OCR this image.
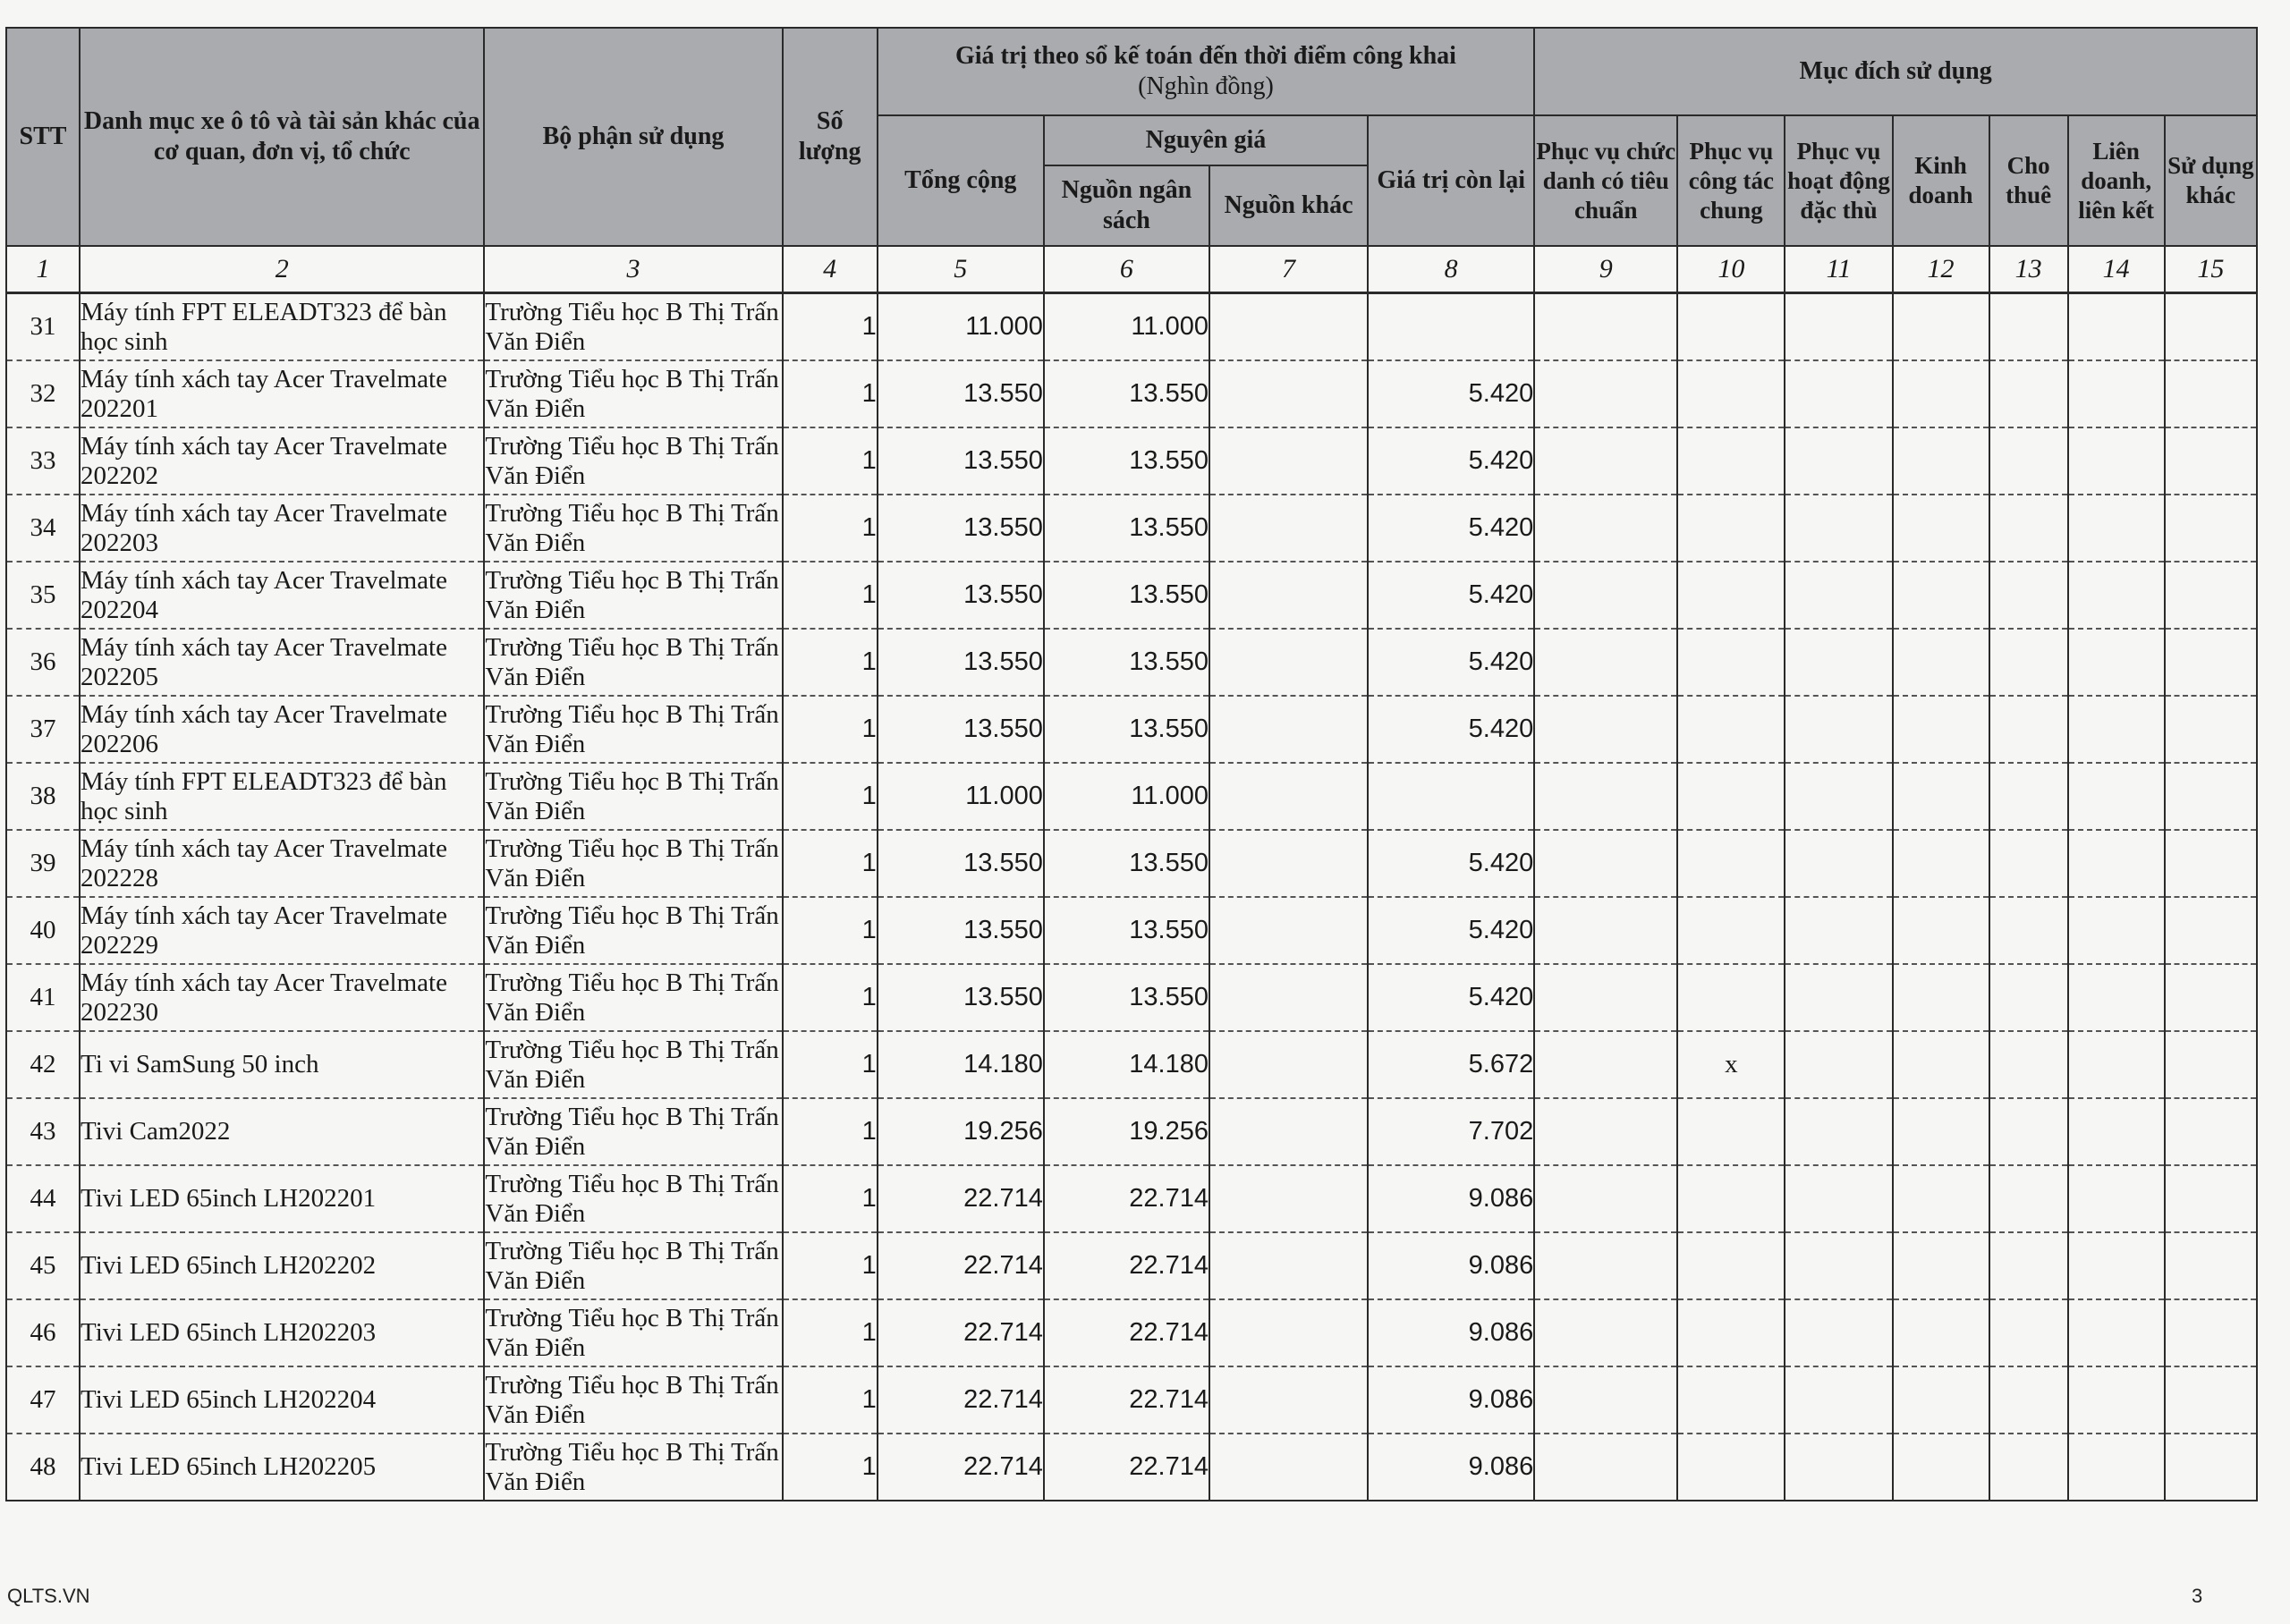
STT	Danh mục xe ô tô và tài sản khác của cơ quan, đơn vị, tổ chức	Bộ phận sử dụng	Số lượng	Giá trị theo sổ kế toán đến thời điểm công khai
(Nghìn đồng)				Mục đích sử dụng						
				Tổng cộng	Nguyên giá		Giá trị còn lại	Phục vụ chức danh có tiêu chuẩn	Phục vụ công tác chung	Phục vụ hoạt động đặc thù	Kinh doanh	Cho thuê	Liên doanh, liên kết	Sử dụng khác
					Nguồn ngân sách	Nguồn khác								
1	2	3	4	5	6	7	8	9	10	11	12	13	14	15
31	Máy tính FPT ELEADT323 để bàn học sinh	Trường Tiểu học B Thị Trấn Văn Điển	1	11.000	11.000									
32	Máy tính xách tay Acer Travelmate 202201	Trường Tiểu học B Thị Trấn Văn Điển	1	13.550	13.550		5.420							
33	Máy tính xách tay Acer Travelmate 202202	Trường Tiểu học B Thị Trấn Văn Điển	1	13.550	13.550		5.420							
34	Máy tính xách tay Acer Travelmate 202203	Trường Tiểu học B Thị Trấn Văn Điển	1	13.550	13.550		5.420							
35	Máy tính xách tay Acer Travelmate 202204	Trường Tiểu học B Thị Trấn Văn Điển	1	13.550	13.550		5.420							
36	Máy tính xách tay Acer Travelmate 202205	Trường Tiểu học B Thị Trấn Văn Điển	1	13.550	13.550		5.420							
37	Máy tính xách tay Acer Travelmate 202206	Trường Tiểu học B Thị Trấn Văn Điển	1	13.550	13.550		5.420							
38	Máy tính FPT ELEADT323 để bàn học sinh	Trường Tiểu học B Thị Trấn Văn Điển	1	11.000	11.000									
39	Máy tính xách tay Acer Travelmate 202228	Trường Tiểu học B Thị Trấn Văn Điển	1	13.550	13.550		5.420							
40	Máy tính xách tay Acer Travelmate 202229	Trường Tiểu học B Thị Trấn Văn Điển	1	13.550	13.550		5.420							
41	Máy tính xách tay Acer Travelmate 202230	Trường Tiểu học B Thị Trấn Văn Điển	1	13.550	13.550		5.420							
42	Ti vi SamSung 50 inch	Trường Tiểu học B Thị Trấn Văn Điển	1	14.180	14.180		5.672		x					
43	Tivi Cam2022	Trường Tiểu học B Thị Trấn Văn Điển	1	19.256	19.256		7.702							
44	Tivi LED 65inch LH202201	Trường Tiểu học B Thị Trấn Văn Điển	1	22.714	22.714		9.086							
45	Tivi LED 65inch LH202202	Trường Tiểu học B Thị Trấn Văn Điển	1	22.714	22.714		9.086							
46	Tivi LED 65inch LH202203	Trường Tiểu học B Thị Trấn Văn Điển	1	22.714	22.714		9.086							
47	Tivi LED 65inch LH202204	Trường Tiểu học B Thị Trấn Văn Điển	1	22.714	22.714		9.086							
48	Tivi LED 65inch LH202205	Trường Tiểu học B Thị Trấn Văn Điển	1	22.714	22.714		9.086							
QLTS.VN	3
